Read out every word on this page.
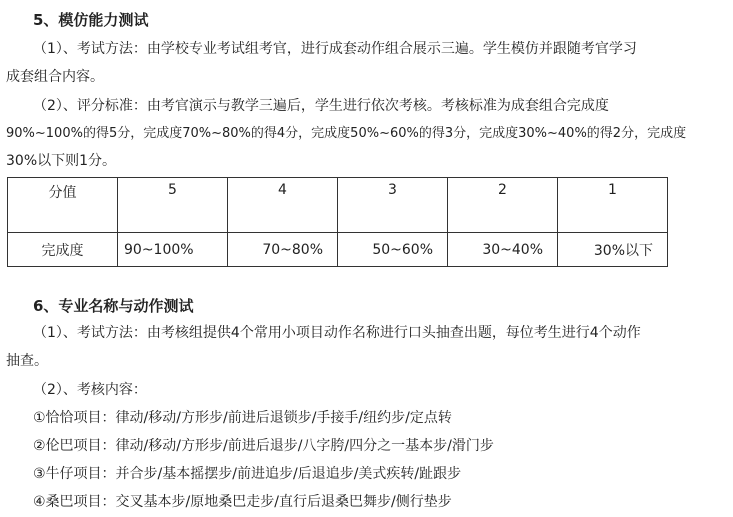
5、模仿能力测试
（1）、考试方法：由学校专业考试组考官，进行成套动作组合展示三遍。学生模仿并跟随考官学习
成套组合内容。
（2）、评分标准：由考官演示与教学三遍后，学生进行依次考核。考核标准为成套组合完成度
90%~100%的得5分，完成度70%~80%的得4分，完成度50%~60%的得3分，完成度30%~40%的得2分，完成度
30%以下则1分。
分值	5	4	3	2	1
完成度	90~100%	70~80%	50~60%	30~40%	30%以下
6、专业名称与动作测试
（1）、考试方法：由考核组提供4个常用小项目动作名称进行口头抽查出题，每位考生进行4个动作
抽查。
（2）、考核内容：
①恰恰项目：律动/移动/方形步/前进后退锁步/手接手/纽约步/定点转
②伦巴项目：律动/移动/方形步/前进后退步/八字胯/四分之一基本步/滑门步
③牛仔项目：并合步/基本摇摆步/前进追步/后退追步/美式疾转/趾跟步
④桑巴项目：交叉基本步/原地桑巴走步/直行后退桑巴舞步/侧行垫步
